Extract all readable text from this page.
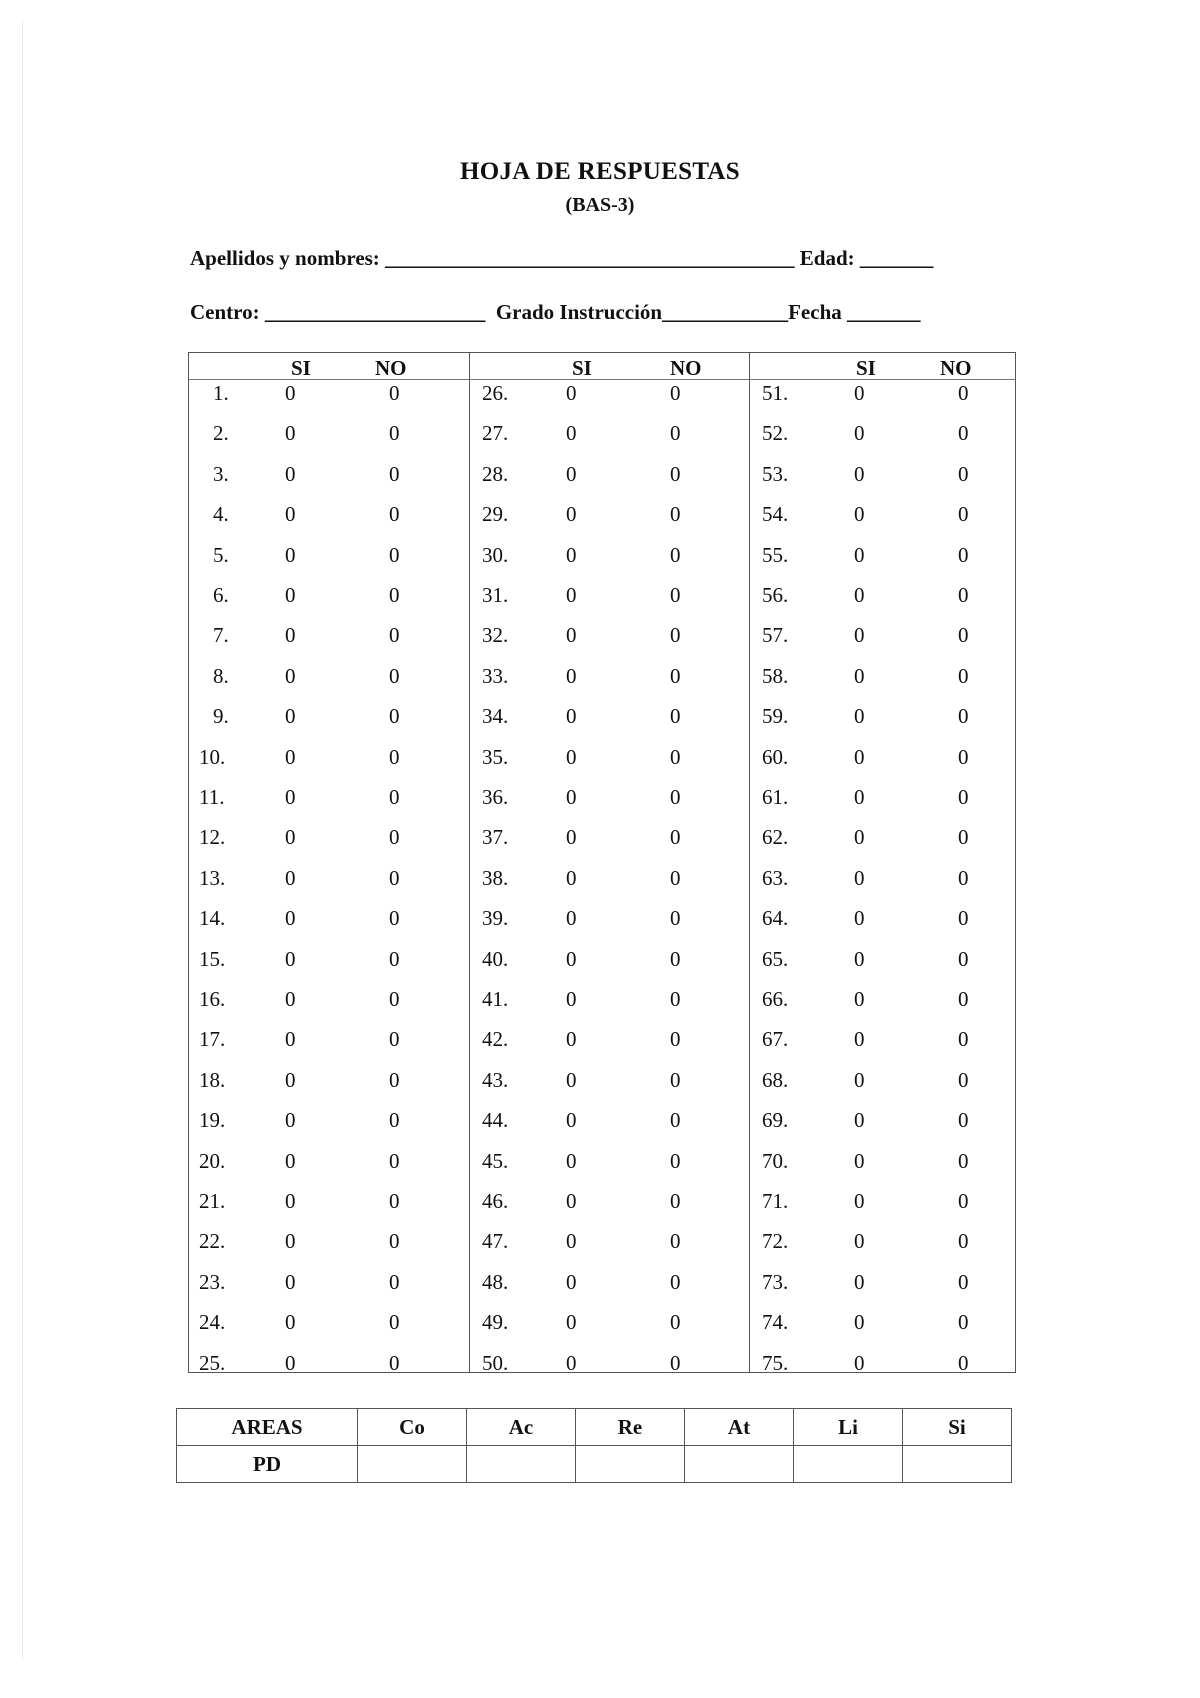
HOJA DE RESPUESTAS
(BAS-3)
Apellidos y nombres: _______________________________________ Edad: _______
Centro: _____________________  Grado Instrucción____________Fecha _______
SI	NO
1.	0	0
2.	0	0
3.	0	0
4.	0	0
5.	0	0
6.	0	0
7.	0	0
8.	0	0
9.	0	0
10.	0	0
11.	0	0
12.	0	0
13.	0	0
14.	0	0
15.	0	0
16.	0	0
17.	0	0
18.	0	0
19.	0	0
20.	0	0
21.	0	0
22.	0	0
23.	0	0
24.	0	0
25.	0	0
SI	NO
26.	0	0
27.	0	0
28.	0	0
29.	0	0
30.	0	0
31.	0	0
32.	0	0
33.	0	0
34.	0	0
35.	0	0
36.	0	0
37.	0	0
38.	0	0
39.	0	0
40.	0	0
41.	0	0
42.	0	0
43.	0	0
44.	0	0
45.	0	0
46.	0	0
47.	0	0
48.	0	0
49.	0	0
50.	0	0
SI	NO
51.	0	0
52.	0	0
53.	0	0
54.	0	0
55.	0	0
56.	0	0
57.	0	0
58.	0	0
59.	0	0
60.	0	0
61.	0	0
62.	0	0
63.	0	0
64.	0	0
65.	0	0
66.	0	0
67.	0	0
68.	0	0
69.	0	0
70.	0	0
71.	0	0
72.	0	0
73.	0	0
74.	0	0
75.	0	0
AREAS	Co	Ac	Re	At	Li	Si
PD						
